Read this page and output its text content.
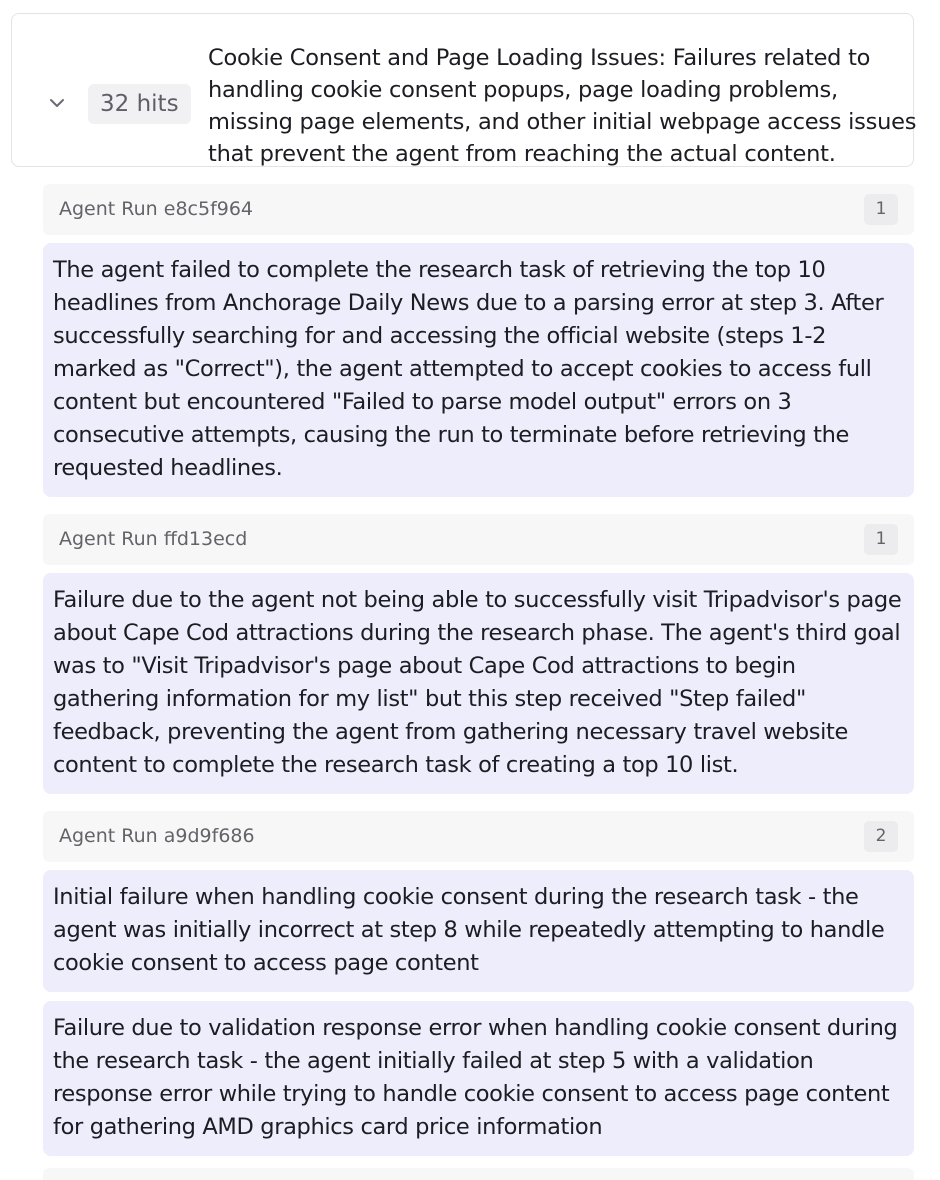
32 hits
Cookie Consent and Page Loading Issues: Failures related to handling cookie consent popups, page loading problems, missing page elements, and other initial webpage access issues that prevent the agent from reaching the actual content.
Agent Run e8c5f964	1
The agent failed to complete the research task of retrieving the top 10 headlines from Anchorage Daily News due to a parsing error at step 3. After successfully searching for and accessing the official website (steps 1-2 marked as "Correct"), the agent attempted to accept cookies to access full content but encountered "Failed to parse model output" errors on 3 consecutive attempts, causing the run to terminate before retrieving the requested headlines.
Agent Run ffd13ecd	1
Failure due to the agent not being able to successfully visit Tripadvisor's page about Cape Cod attractions during the research phase. The agent's third goal was to "Visit Tripadvisor's page about Cape Cod attractions to begin gathering information for my list" but this step received "Step failed" feedback, preventing the agent from gathering necessary travel website content to complete the research task of creating a top 10 list.
Agent Run a9d9f686	2
Initial failure when handling cookie consent during the research task - the agent was initially incorrect at step 8 while repeatedly attempting to handle cookie consent to access page content
Failure due to validation response error when handling cookie consent during the research task - the agent initially failed at step 5 with a validation response error while trying to handle cookie consent to access page content for gathering AMD graphics card price information
